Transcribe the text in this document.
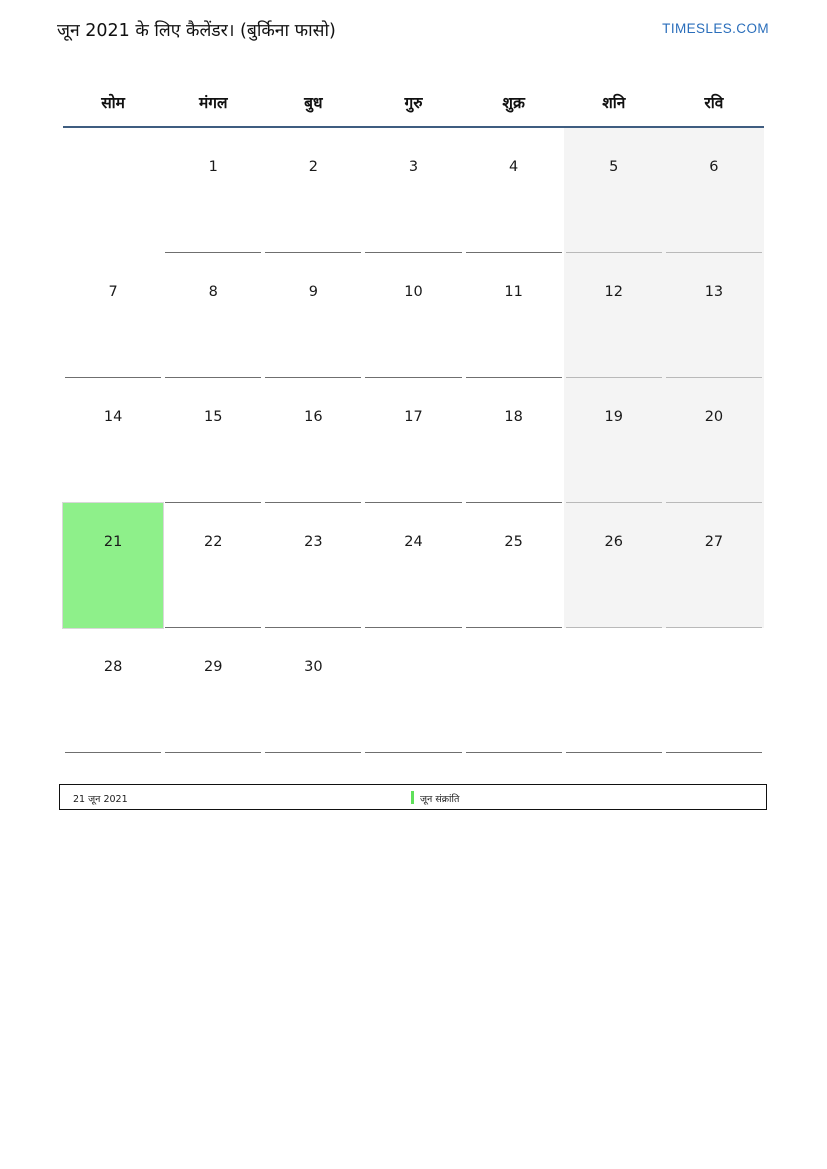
जून 2021 के लिए कैलेंडर। (बुर्किना फासो)	TIMESLES.COM
सोम	मंगल	बुध	गुरु	शुक्र	शनि	रवि

	1	2	3	4	5	6

7	8	9	10	11	12	13

14	15	16	17	18	19	20

21	22	23	24	25	26	27

28	29	30				

21 जून 2021	जून संक्रांति
